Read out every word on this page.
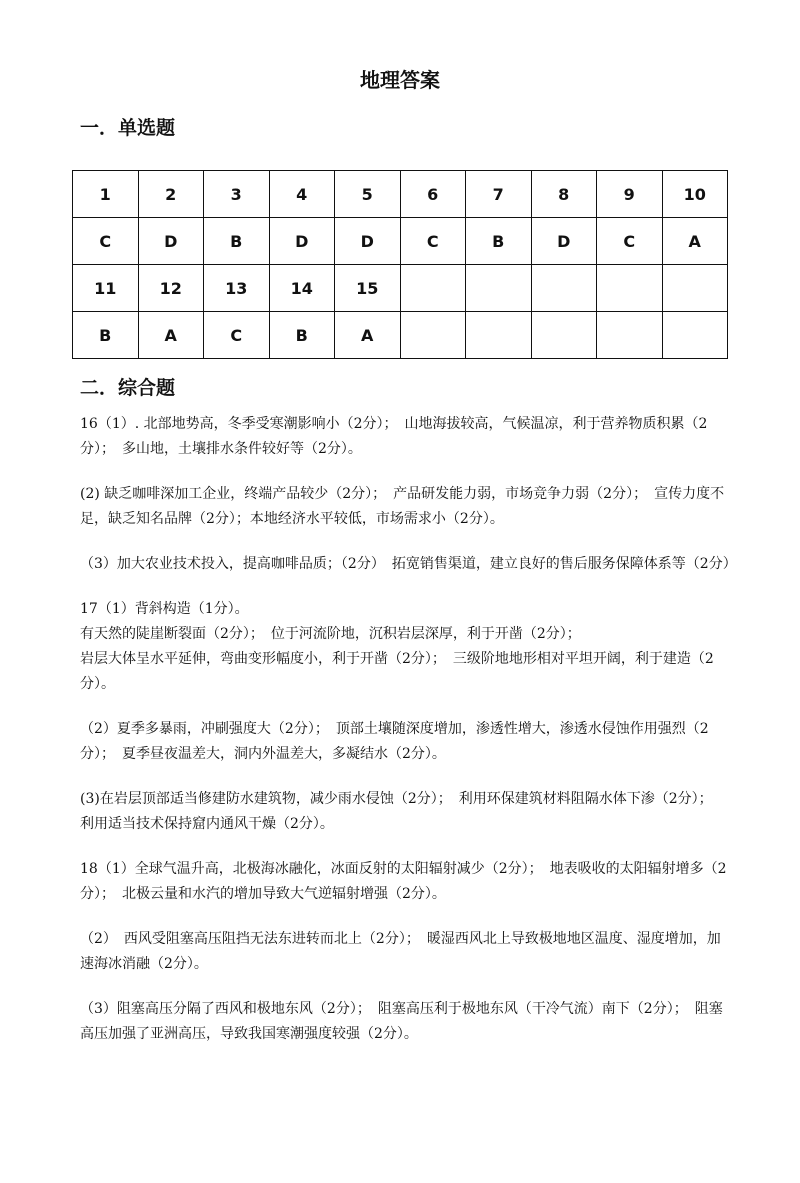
地理答案
一．单选题
1	2	3	4	5	6	7	8	9	10
C	D	B	D	D	C	B	D	C	A
11	12	13	14	15					
B	A	C	B	A					
二．综合题

16（1）. 北部地势高，冬季受寒潮影响小（2分）；　山地海拔较高，气候温凉，利于营养物质积累（2分）；　多山地，土壤排水条件较好等（2分）。

(2) 缺乏咖啡深加工企业，终端产品较少（2分）；　产品研发能力弱，市场竞争力弱（2分）；　宣传力度不足，缺乏知名品牌（2分）；本地经济水平较低，市场需求小（2分）。

（3）加大农业技术投入，提高咖啡品质；（2分）　拓宽销售渠道，建立良好的售后服务保障体系等（2分）

17（1）背斜构造（1分）。

有天然的陡崖断裂面（2分）；　位于河流阶地，沉积岩层深厚，利于开凿（2分）；

岩层大体呈水平延伸，弯曲变形幅度小，利于开凿（2分）；　三级阶地地形相对平坦开阔，利于建造（2分）。

（2）夏季多暴雨，冲刷强度大（2分）；　顶部土壤随深度增加，渗透性增大，渗透水侵蚀作用强烈（2分）；　夏季昼夜温差大，洞内外温差大，多凝结水（2分）。

(3)在岩层顶部适当修建防水建筑物，减少雨水侵蚀（2分）；　利用环保建筑材料阻隔水体下渗（2分）；　利用适当技术保持窟内通风干燥（2分）。

18（1）全球气温升高，北极海冰融化，冰面反射的太阳辐射减少（2分）；　地表吸收的太阳辐射增多（2分）；　北极云量和水汽的增加导致大气逆辐射增强（2分）。

（2）　西风受阻塞高压阻挡无法东进转而北上（2分）；　暖湿西风北上导致极地地区温度、湿度增加，加速海冰消融（2分）。

（3）阻塞高压分隔了西风和极地东风（2分）；　阻塞高压利于极地东风（干冷气流）南下（2分）；　阻塞高压加强了亚洲高压，导致我国寒潮强度较强（2分）。
